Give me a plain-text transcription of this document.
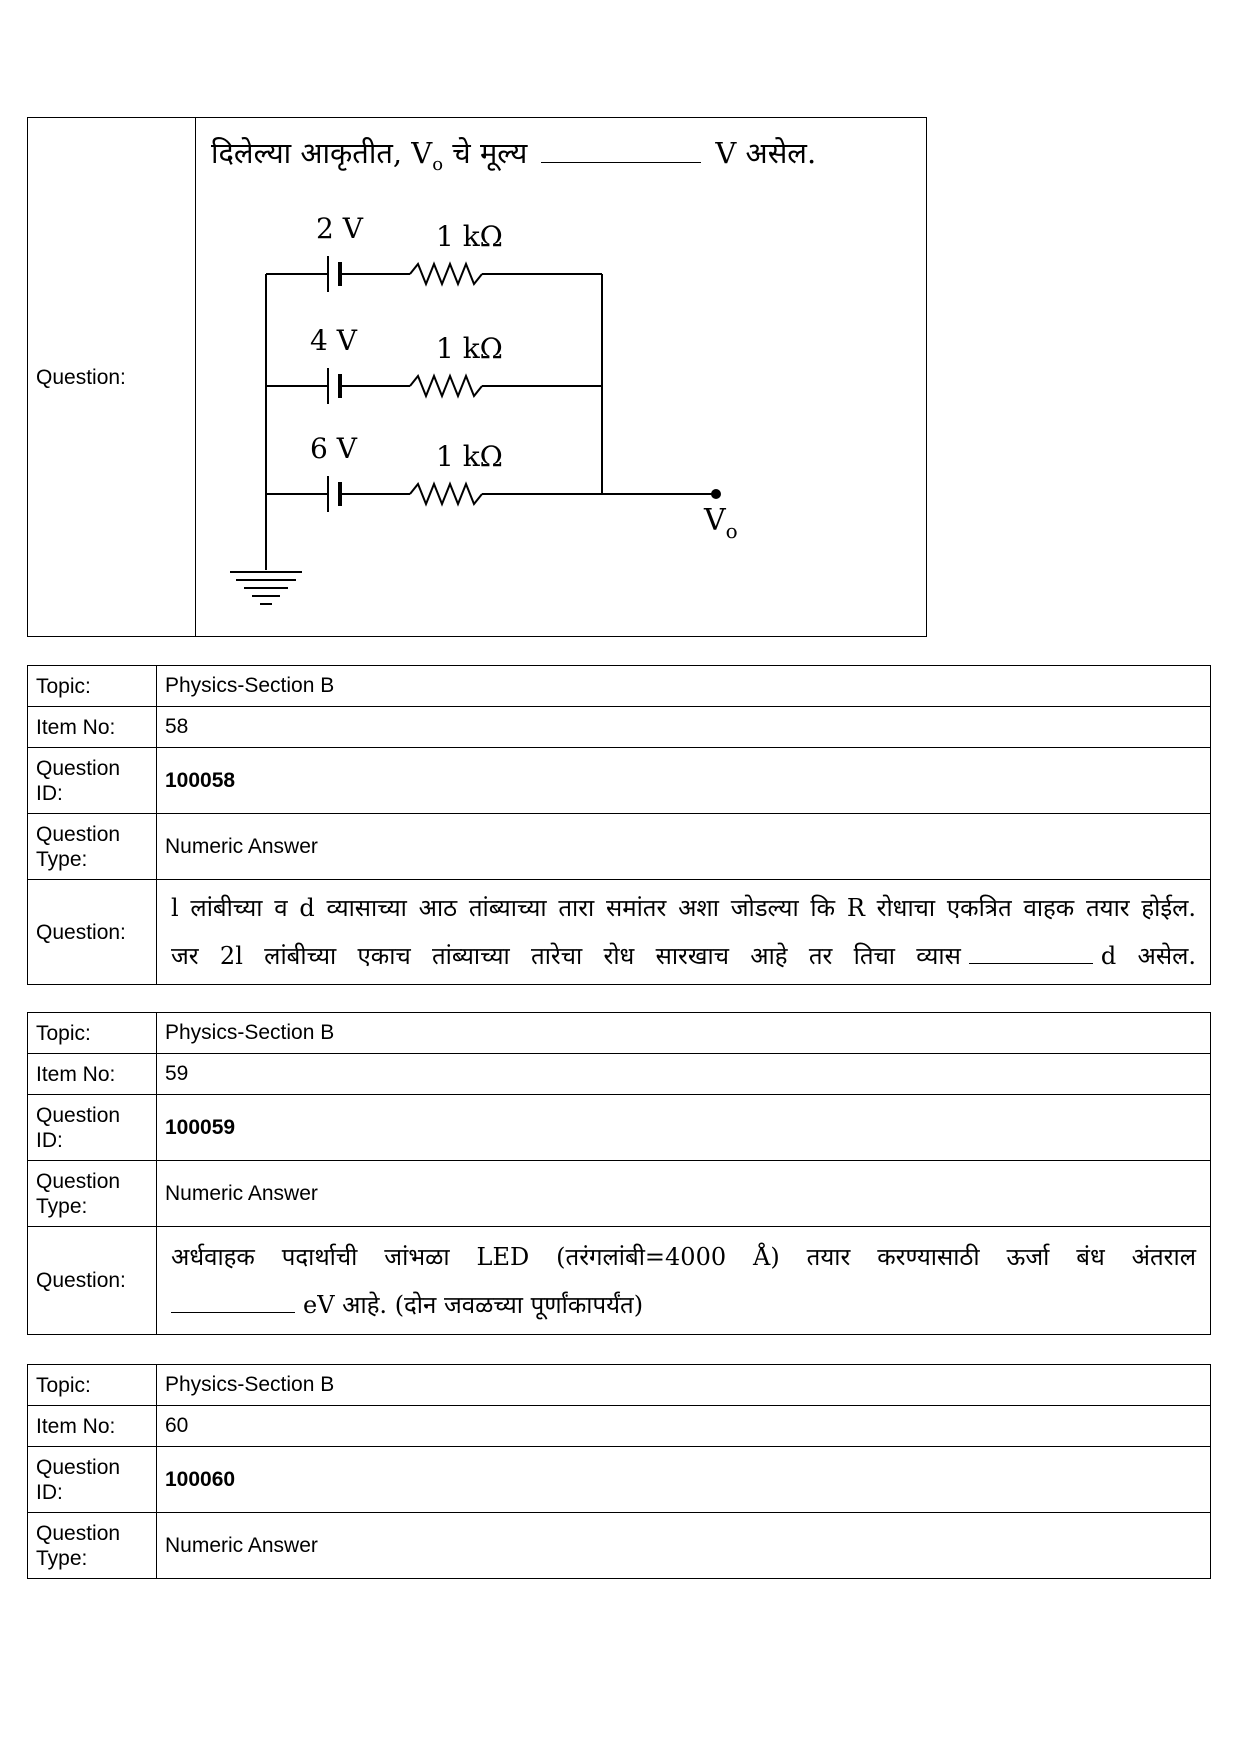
Question:	
दिलेल्या आकृतीत, $V_o$ चे मूल्य	V असेल.
2 V
4 V
6 V
1 kΩ
1 kΩ
1 kΩ
$V_o$
Topic:	Physics-Section B
Item No:	58
Question ID:	100058
Question Type:	Numeric Answer
Question:	l लांबीच्या व d व्यासाच्या आठ तांब्याच्या तारा समांतर अशा जोडल्या कि R रोधाचा एकत्रित वाहक तयार होईल.
जर 2l लांबीच्या एकाच तांब्याच्या तारेचा रोध सारखाच आहे तर तिचा व्यास d असेल.
Topic:	Physics-Section B
Item No:	59
Question ID:	100059
Question Type:	Numeric Answer
Question:	अर्धवाहक पदार्थाची जांभळा LED (तरंगलांबी=4000 Å) तयार करण्यासाठी ऊर्जा बंध अंतराल
eV आहे. (दोन जवळच्या पूर्णांकापर्यंत)
Topic:	Physics-Section B
Item No:	60
Question ID:	100060
Question Type:	Numeric Answer
